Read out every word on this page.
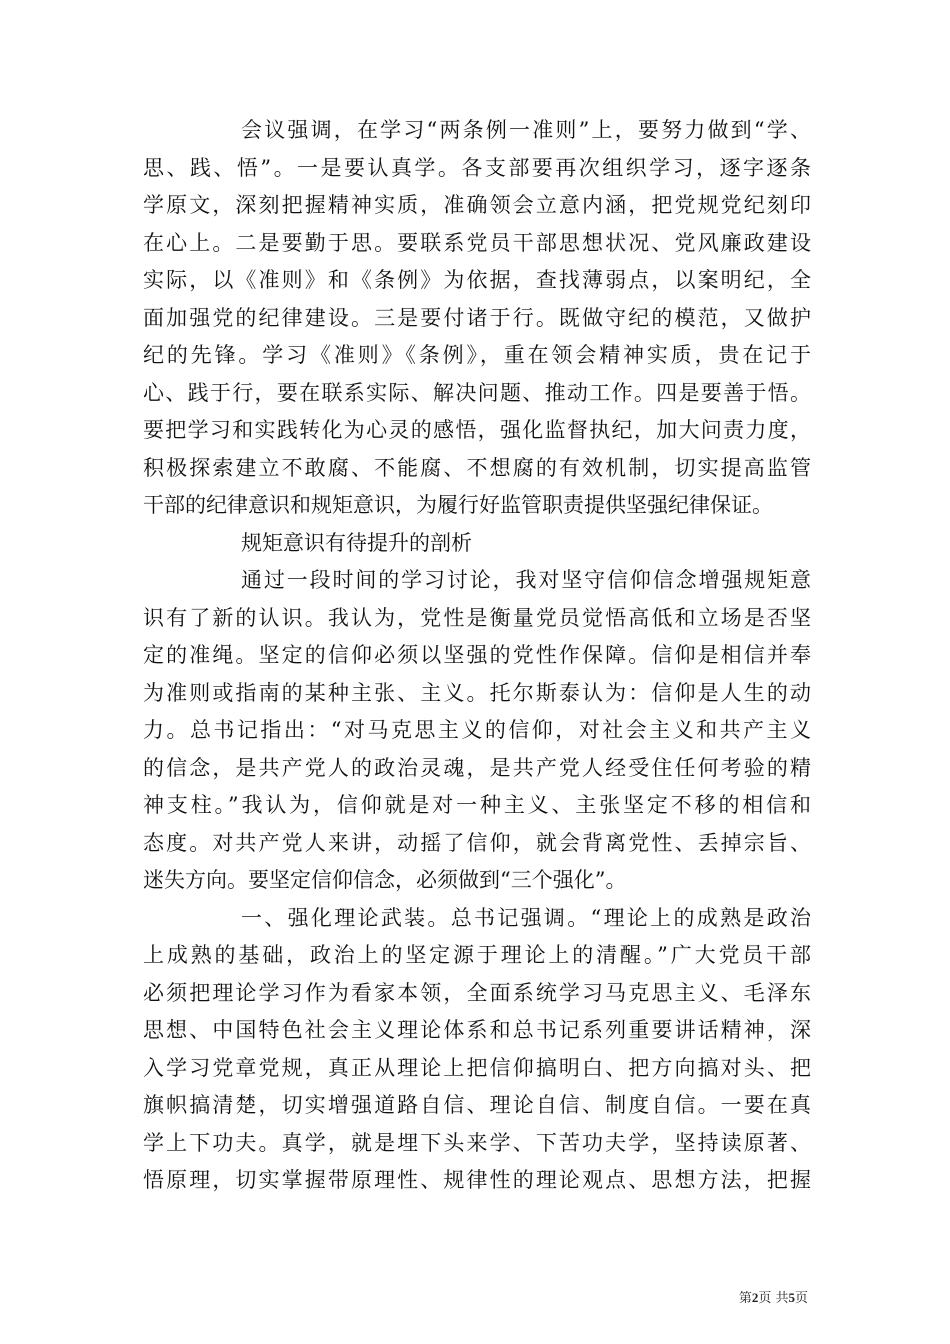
会议强调，在学习“两条例一准则”上，要努力做到“学、
思、践、悟”。一是要认真学。各支部要再次组织学习，逐字逐条
学原文，深刻把握精神实质，准确领会立意内涵，把党规党纪刻印
在心上。二是要勤于思。要联系党员干部思想状况、党风廉政建设
实际，以《准则》和《条例》为依据，查找薄弱点，以案明纪，全
面加强党的纪律建设。三是要付诸于行。既做守纪的模范，又做护
纪的先锋。学习《准则》《条例》，重在领会精神实质，贵在记于
心、践于行，要在联系实际、解决问题、推动工作。四是要善于悟。
要把学习和实践转化为心灵的感悟，强化监督执纪，加大问责力度，
积极探索建立不敢腐、不能腐、不想腐的有效机制，切实提高监管
干部的纪律意识和规矩意识，为履行好监管职责提供坚强纪律保证。
规矩意识有待提升的剖析
通过一段时间的学习讨论，我对坚守信仰信念增强规矩意
识有了新的认识。我认为，党性是衡量党员觉悟高低和立场是否坚
定的准绳。坚定的信仰必须以坚强的党性作保障。信仰是相信并奉
为准则或指南的某种主张、主义。托尔斯泰认为：信仰是人生的动
力。总书记指出：“对马克思主义的信仰，对社会主义和共产主义
的信念，是共产党人的政治灵魂，是共产党人经受住任何考验的精
神支柱。”我认为，信仰就是对一种主义、主张坚定不移的相信和
态度。对共产党人来讲，动摇了信仰，就会背离党性、丢掉宗旨、
迷失方向。要坚定信仰信念，必须做到“三个强化”。
一、强化理论武装。总书记强调。“理论上的成熟是政治
上成熟的基础，政治上的坚定源于理论上的清醒。”广大党员干部
必须把理论学习作为看家本领，全面系统学习马克思主义、毛泽东
思想、中国特色社会主义理论体系和总书记系列重要讲话精神，深
入学习党章党规，真正从理论上把信仰搞明白、把方向搞对头、把
旗帜搞清楚，切实增强道路自信、理论自信、制度自信。一要在真
学上下功夫。真学，就是埋下头来学、下苦功夫学，坚持读原著、
悟原理，切实掌握带原理性、规律性的理论观点、思想方法，把握
第2页 共5页
